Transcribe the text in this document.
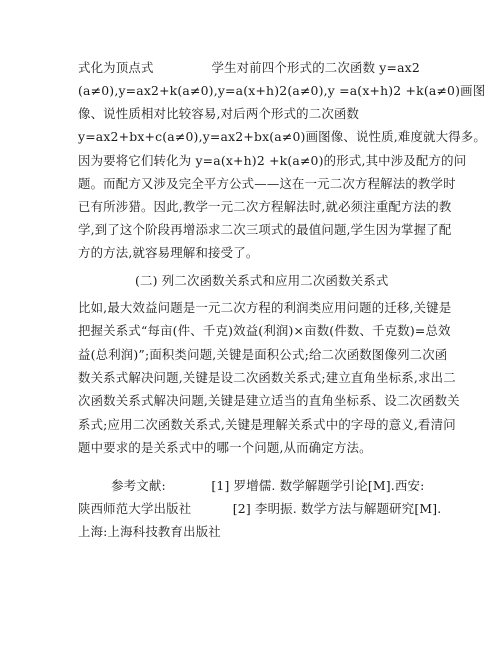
式化为顶点式              学生对前四个形式的二次函数 y=ax2
(a≠0),y=ax2+k(a≠0),y=a(x+h)2(a≠0),y =a(x+h)2 +k(a≠0)画图
像、说性质相对比较容易,对后两个形式的二次函数
y=ax2+bx+c(a≠0),y=ax2+bx(a≠0)画图像、说性质,难度就大得多。
因为要将它们转化为 y=a(x+h)2 +k(a≠0)的形式,其中涉及配方的问
题。而配方又涉及完全平方公式——这在一元二次方程解法的教学时
已有所涉猎。因此,教学一元二次方程解法时,就必须注重配方法的教
学,到了这个阶段再增添求二次三项式的最值问题,学生因为掌握了配
方的方法,就容易理解和接受了。
(二) 列二次函数关系式和应用二次函数关系式
比如,最大效益问题是一元二次方程的利润类应用问题的迁移,关键是
把握关系式“每亩(件、千克)效益(利润)×亩数(件数、千克数)=总效
益(总利润)”;面积类问题,关键是面积公式;给二次函数图像列二次函
数关系式解决问题,关键是设二次函数关系式;建立直角坐标系,求出二
次函数关系式解决问题,关键是建立适当的直角坐标系、设二次函数关
系式;应用二次函数关系式,关键是理解关系式中的字母的意义,看清问
题中要求的是关系式中的哪一个问题,从而确定方法。
参考文献:           [1] 罗增儒. 数学解题学引论[M].西安:
陕西师范大学出版社          [2] 李明振. 数学方法与解题研究[M].
上海:上海科技教育出版社
